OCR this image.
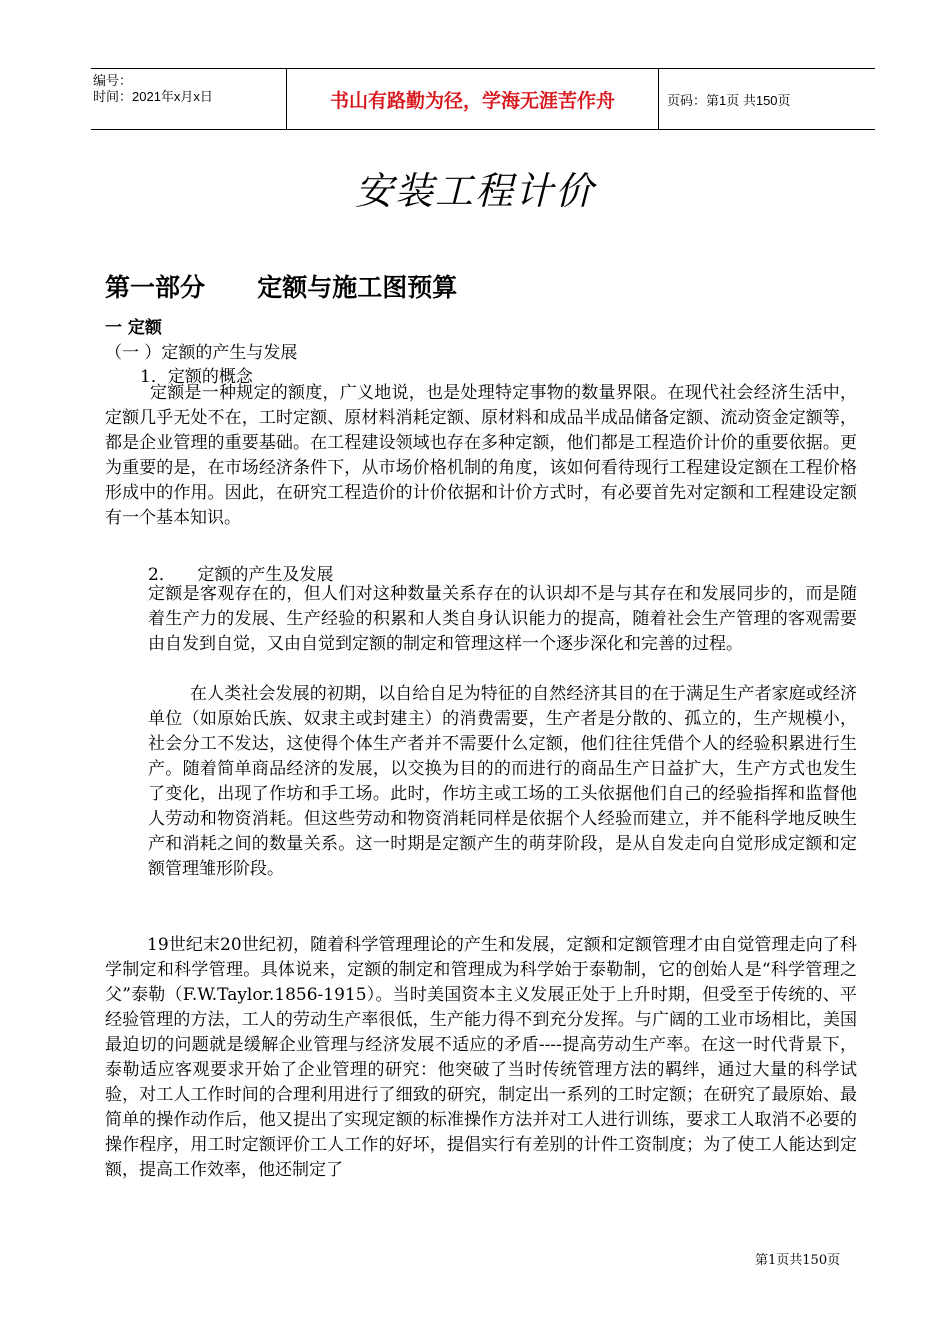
编号：
时间：2021年x月x日	书山有路勤为径，学海无涯苦作舟	页码：第1页 共150页
安装工程计价
第一部分      定额与施工图预算
一 定额
（一 ）定额的产生与发展
1．定额的概念
定额是一种规定的额度，广义地说，也是处理特定事物的数量界限。在现代社会经济生活中，定额几乎无处不在，工时定额、原材料消耗定额、原材料和成品半成品储备定额、流动资金定额等，都是企业管理的重要基础。在工程建设领域也存在多种定额，他们都是工程造价计价的重要依据。更为重要的是，在市场经济条件下，从市场价格机制的角度，该如何看待现行工程建设定额在工程价格形成中的作用。因此，在研究工程造价的计价依据和计价方式时，有必要首先对定额和工程建设定额有一个基本知识。
2．    定额的产生及发展
定额是客观存在的，但人们对这种数量关系存在的认识却不是与其存在和发展同步的，而是随着生产力的发展、生产经验的积累和人类自身认识能力的提高，随着社会生产管理的客观需要由自发到自觉，又由自觉到定额的制定和管理这样一个逐步深化和完善的过程。
在人类社会发展的初期，以自给自足为特征的自然经济其目的在于满足生产者家庭或经济单位（如原始氏族、奴隶主或封建主）的消费需要，生产者是分散的、孤立的，生产规模小，社会分工不发达，这使得个体生产者并不需要什么定额，他们往往凭借个人的经验积累进行生产。随着简单商品经济的发展，以交换为目的的而进行的商品生产日益扩大，生产方式也发生了变化，出现了作坊和手工场。此时，作坊主或工场的工头依据他们自己的经验指挥和监督他人劳动和物资消耗。但这些劳动和物资消耗同样是依据个人经验而建立，并不能科学地反映生产和消耗之间的数量关系。这一时期是定额产生的萌芽阶段，是从自发走向自觉形成定额和定额管理雏形阶段。
19世纪末20世纪初，随着科学管理理论的产生和发展，定额和定额管理才由自觉管理走向了科学制定和科学管理。具体说来，定额的制定和管理成为科学始于泰勒制，它的创始人是“科学管理之父”泰勒（F.W.Taylor.1856-1915）。当时美国资本主义发展正处于上升时期，但受至于传统的、平经验管理的方法，工人的劳动生产率很低，生产能力得不到充分发挥。与广阔的工业市场相比，美国最迫切的问题就是缓解企业管理与经济发展不适应的矛盾----提高劳动生产率。在这一时代背景下，泰勒适应客观要求开始了企业管理的研究：他突破了当时传统管理方法的羁绊，通过大量的科学试验，对工人工作时间的合理利用进行了细致的研究，制定出一系列的工时定额；在研究了最原始、最简单的操作动作后，他又提出了实现定额的标准操作方法并对工人进行训练，要求工人取消不必要的操作程序，用工时定额评价工人工作的好坏，提倡实行有差别的计件工资制度；为了使工人能达到定额，提高工作效率，他还制定了
第1页共150页
